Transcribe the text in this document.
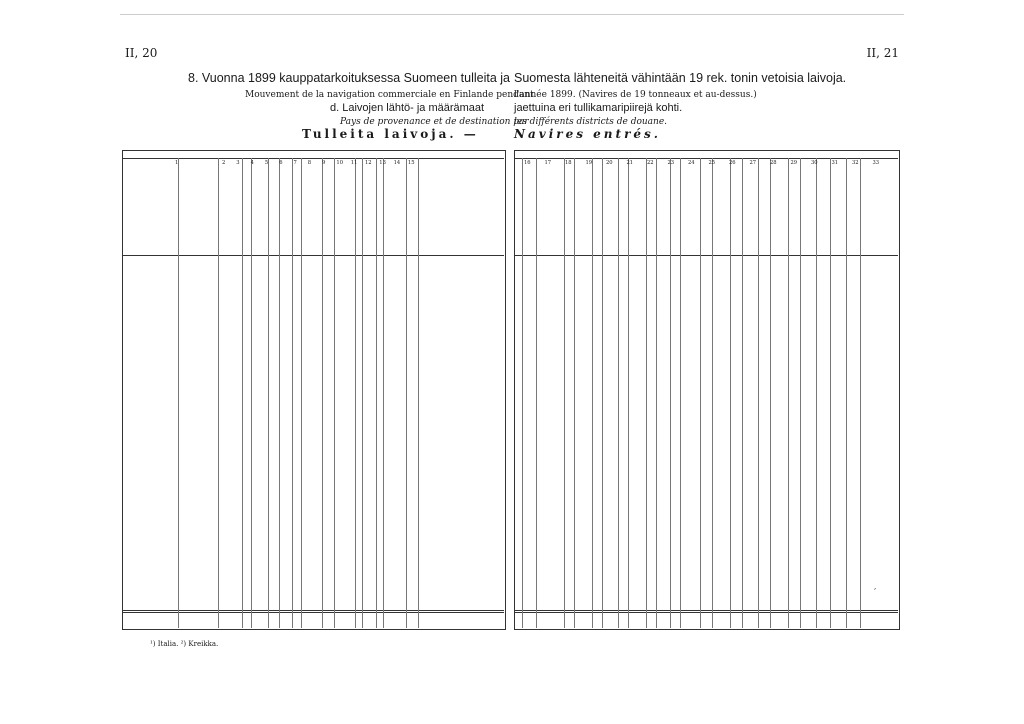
II, 20	II, 21
8. Vuonna 1899 kauppatarkoituksessa Suomeen tulleita ja Suomesta lähteneitä vähintään 19 rek. tonin vetoisia laivoja.
Mouvement de la navigation commerciale en Finlande pendant
l'année 1899. (Navires de 19 tonneaux et au-dessus.)
d. Laivojen lähtö- ja määrämaat	jaettuina eri tullikamaripiirejä kohti.
Pays de provenance et de destination par
les différents districts de douane.
Tulleita laivoja. —	Navires entrés.
1	2 3 4 5 6 7 8 9 10 11 12 13 14 15	16	17	18	19	20	21	22	23	24	25	26	27	28	29	30	31	32	33
¹) Italia. ²) Kreikka.
,
